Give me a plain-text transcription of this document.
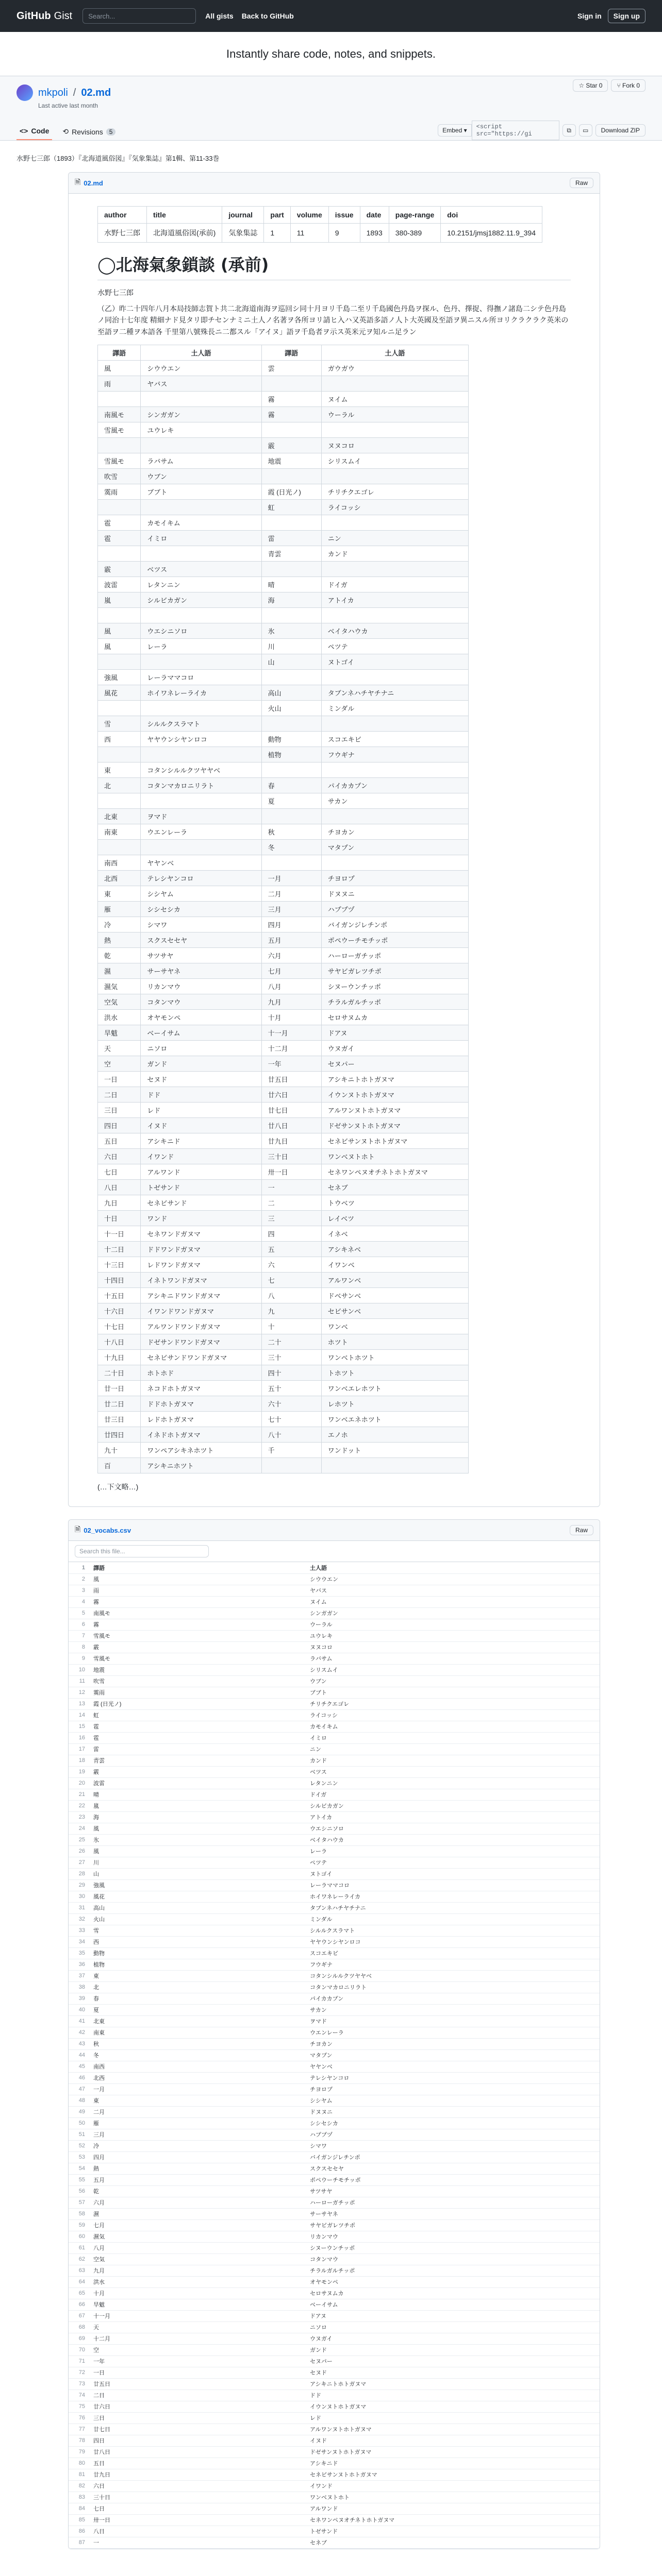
GitHub Gist	Search...	All gists Back to GitHub	Sign in	Sign up
Instantly share code, notes, and snippets.
mkpoli / 02.md
Last active last month
☆ Star 0	⑂ Fork 0
<> Code ⟲ Revisions	5	Embed ▾	<script src="https://gi
⧉	▭	Download ZIP
水野七三郎（1893）『北海道風俗図』『気象集誌』第1輯、第11-33巻
🗎 02.md	Raw
author	title	journal	part	volume	issue	date	page-range	doi
水野七三郎	北海道風俗図(承前)	気象集誌	1	11	9	1893	380-389	10.2151/jmsj1882.11.9_394
◯北海氣象鎖談 (承前)
水野七三郎
（乙）昨二十四年八月本局技師志賀ト共二北海道南海ヲ巡回シ同十月ヨリ千島二至リ千島國色丹島ヲ探ル、色丹、擇捉、得撫ノ諸島二シテ色丹島ノ同治十七年度 精細ナド見タリ即チセンナミニ土人ノ名著ヲ各所ヨリ請ヒ入ハ又英語多語ノ人ト大英國及至語ヲ異ニスル所ヨリクラクラク英米の至語ヲ二種ヲ本語各 千里第八號殊長ニ二都スル「アイヌ」語ヲ千島者ヲ示ス英米元ヲ知ルニ足ラン
譯語	土人語	譯語	土人語
風	シウウエン	雲	ガウガウ
雨	ヤバス		
		霧	ヌイム
南風モ	シンガガン	霧	ウーラル
雪風モ	ユウレキ		
		霰	ヌヌコロ
雪風モ	ラバサム	地震	シリスムイ
吹雪	ウブン		
霙雨	ブブト	霞 (日光ノ)	チリチクエゴレ
		虹	ライコッシ
雹	カモイキム		
雹	イミロ	雷	ニン
		青雲	カンド
霰	ベツス		
波雷	レタンニン	晴	ドイガ
嵐	シルビカガン	海	アトイカ

風	ウエシニソロ	氷	ベイタハウカ
風	レーラ	川	ペツテ
		山	ヌトゴイ
強風	レーラママコロ		
風花	ホイワネレーライカ	高山	タブンネハチヤチナニ
		火山	ミンダル
雪	シルルクスラマト		
西	ヤヤウンシヤンロコ	動物	スコエキビ
		植物	フウギナ
東	コタンシルルクツヤヤベ		
北	コタンマカロニリラト	春	パイカカプン
		夏	サカン
北東	ヲマド		
南東	ウエンレーラ	秋	チヨカン
		冬	マタプン
南西	ヤヤンベ		
北西	テレシヤンコロ	一月	チヨロプ
東	シシヤム	二月	ドヌヌニ
雁	シシセシカ	三月	ハププヅ
冷	シマワ	四月	バイガンジレチンポ
熱	スクスセセヤ	五月	ポペウーチモチッポ
乾	サツサヤ	六月	ハーローガチッポ
濕	サーサヤネ	七月	サヤビガレツチポ
濕気	リカンマウ	八月	シヌーウンチッポ
空気	コタンマウ	九月	チラルガルチッポ
洪水	オヤモンペ	十月	セロサヌムカ
旱魃	ベーイサム	十一月	ドアヌ
天	ニソロ	十二月	ウヌガイ
空	ガンド	一年	セヌパー
一日	セヌド	廿五日	アシキニトホトガヌマ
二日	ドド	廿六日	イウンヌトホトガヌマ
三日	レド	廿七日	アルワンヌトホトガヌマ
四日	イヌド	廿八日	ドゼサンヌトホトガヌマ
五日	アシキニド	廿九日	セネビサンヌトホトガヌマ
六日	イワンド	三十日	ワンベヌトホト
七日	アルワンド	卅一日	セネワンペヌオチネトホトガヌマ
八日	トゼサンド	一	セネブ
九日	セネビサンド	二	トウベツ
十日	ワンド	三	レイベツ
十一日	セネワンドガヌマ	四	イネベ
十二日	ドドワンドガヌマ	五	アシキネベ
十三日	レドワンドガヌマ	六	イワンベ
十四日	イネトワンドガヌマ	七	アルワンベ
十五日	アシキニドワンドガヌマ	八	ドベサンベ
十六日	イワンドワンドガヌマ	九	セビサンベ
十七日	アルワンドワンドガヌマ	十	ワンベ
十八日	ドゼサンドワンドガヌマ	二十	ホツト
十九日	セネビサンドワンドガヌマ	三十	ワンベトホツト
二十日	ホトホド	四十	トホツト
廿一日	ネコドホトガヌマ	五十	ワンベエレホツト
廿二日	ドドホトガヌマ	六十	レホツト
廿三日	レドホトガヌマ	七十	ワンベエネホツト
廿四日	イネドホトガヌマ	八十	エノホ
九十	ワンペアシキネホツト	千	ワンドット
百	アシキニホツト		
(…下文略…)
🗎 02_vocabs.csv	Raw
Search this file...
1	譯語	土人語
2	風	シウウエン
3	雨	ヤバス
4	霧	ヌイム
5	南風モ	シンガガン
6	霧	ウーラル
7	雪風モ	ユウレキ
8	霰	ヌヌコロ
9	雪風モ	ラバサム
10	地震	シリスムイ
11	吹雪	ウブン
12	霙雨	ブブト
13	霞 (日光ノ)	チリチクエゴレ
14	虹	ライコッシ
15	雹	カモイキム
16	雹	イミロ
17	雷	ニン
18	青雲	カンド
19	霰	ベツス
20	波雷	レタンニン
21	晴	ドイガ
22	嵐	シルビカガン
23	海	アトイカ
24	風	ウエシニソロ
25	氷	ベイタハウカ
26	風	レーラ
27	川	ペツテ
28	山	ヌトゴイ
29	強風	レーラママコロ
30	風花	ホイワネレーライカ
31	高山	タブンネハチヤチナニ
32	火山	ミンダル
33	雪	シルルクスラマト
34	西	ヤヤウンシヤンロコ
35	動物	スコエキビ
36	植物	フウギナ
37	東	コタンシルルクツヤヤベ
38	北	コタンマカロニリラト
39	春	パイカカプン
40	夏	サカン
41	北東	ヲマド
42	南東	ウエンレーラ
43	秋	チヨカン
44	冬	マタプン
45	南西	ヤヤンベ
46	北西	テレシヤンコロ
47	一月	チヨロプ
48	東	シシヤム
49	二月	ドヌヌニ
50	雁	シシセシカ
51	三月	ハププヅ
52	冷	シマワ
53	四月	バイガンジレチンポ
54	熱	スクスセセヤ
55	五月	ポペウーチモチッポ
56	乾	サツサヤ
57	六月	ハーローガチッポ
58	濕	サーサヤネ
59	七月	サヤビガレツチポ
60	濕気	リカンマウ
61	八月	シヌーウンチッポ
62	空気	コタンマウ
63	九月	チラルガルチッポ
64	洪水	オヤモンペ
65	十月	セロサヌムカ
66	旱魃	ベーイサム
67	十一月	ドアヌ
68	天	ニソロ
69	十二月	ウヌガイ
70	空	ガンド
71	一年	セヌパー
72	一日	セヌド
73	廿五日	アシキニトホトガヌマ
74	二日	ドド
75	廿六日	イウンヌトホトガヌマ
76	三日	レド
77	廿七日	アルワンヌトホトガヌマ
78	四日	イヌド
79	廿八日	ドゼサンヌトホトガヌマ
80	五日	アシキニド
81	廿九日	セネビサンヌトホトガヌマ
82	六日	イワンド
83	三十日	ワンベヌトホト
84	七日	アルワンド
85	卅一日	セネワンペヌオチネトホトガヌマ
86	八日	トゼサンド
87	一	セネブ
